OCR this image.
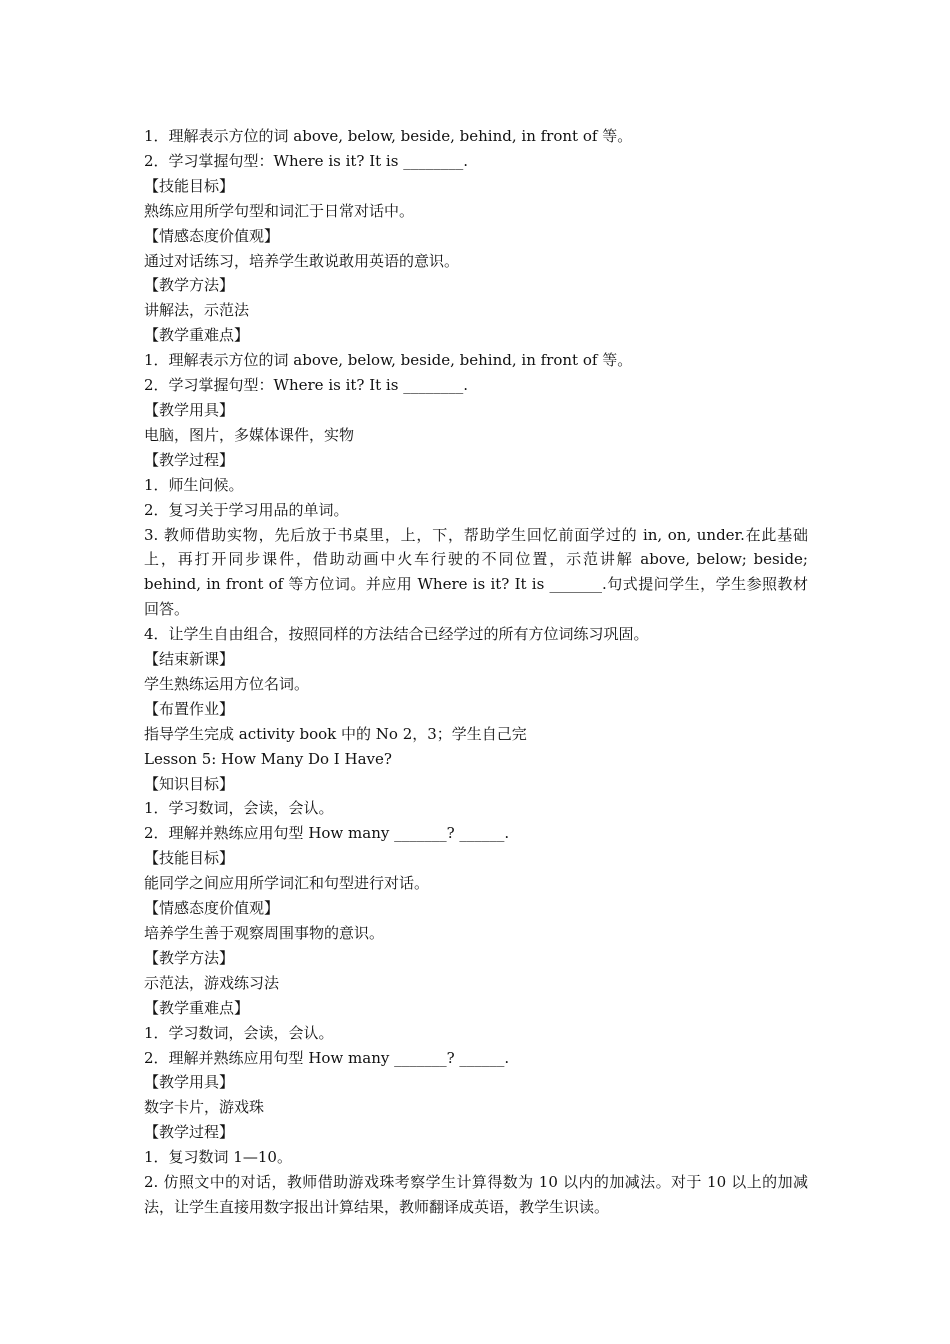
1．理解表示方位的词 above, below, beside, behind, in front of 等。

2．学习掌握句型：Where is it? It is ________.

【技能目标】

熟练应用所学句型和词汇于日常对话中。

【情感态度价值观】

通过对话练习，培养学生敢说敢用英语的意识。

【教学方法】

讲解法，示范法

【教学重难点】

1．理解表示方位的词 above, below, beside, behind, in front of 等。

2．学习掌握句型：Where is it? It is ________.

【教学用具】

电脑，图片，多媒体课件，实物

【教学过程】

1．师生问候。

2．复习关于学习用品的单词。

3. 教师借助实物，先后放于书桌里，上，下，帮助学生回忆前面学过的 in, on, under.在此基础上，再打开同步课件，借助动画中火车行驶的不同位置，示范讲解 above, below; beside; behind, in front of 等方位词。并应用 Where is it? It is _______.句式提问学生，学生参照教材回答。

4．让学生自由组合，按照同样的方法结合已经学过的所有方位词练习巩固。

【结束新课】

学生熟练运用方位名词。

【布置作业】

指导学生完成 activity book 中的 No 2，3；学生自己完

Lesson 5: How Many Do I Have?

【知识目标】

1．学习数词，会读，会认。

2．理解并熟练应用句型 How many _______? ______.

【技能目标】

能同学之间应用所学词汇和句型进行对话。

【情感态度价值观】

培养学生善于观察周围事物的意识。

【教学方法】

示范法，游戏练习法

【教学重难点】

1．学习数词，会读，会认。

2．理解并熟练应用句型 How many _______? ______.

【教学用具】

数字卡片，游戏珠

【教学过程】

1．复习数词 1—10。

2. 仿照文中的对话，教师借助游戏珠考察学生计算得数为 10 以内的加减法。对于 10 以上的加减法，让学生直接用数字报出计算结果，教师翻译成英语，教学生识读。
